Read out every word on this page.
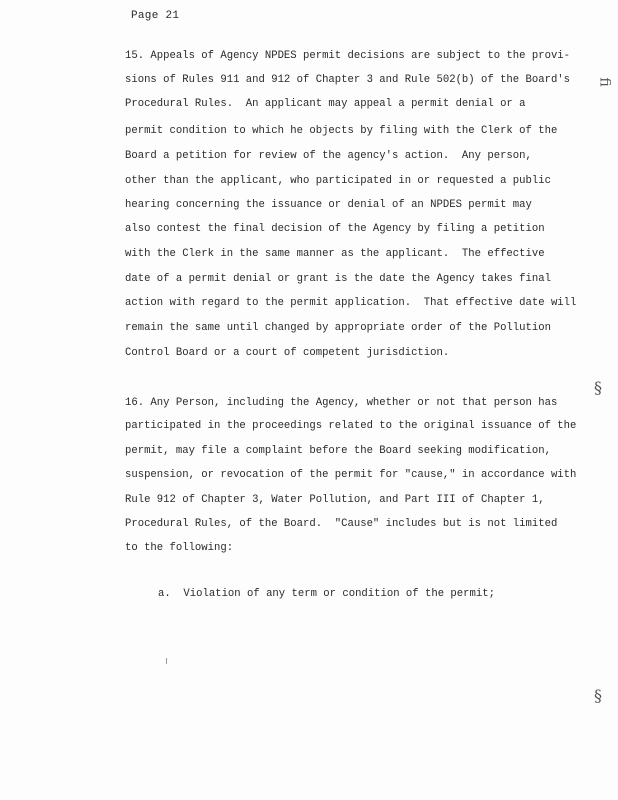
Page 21
15. Appeals of Agency NPDES permit decisions are subject to the provi-
sions of Rules 911 and 912 of Chapter 3 and Rule 502(b) of the Board's
Procedural Rules.  An applicant may appeal a permit denial or a
permit condition to which he objects by filing with the Clerk of the
Board a petition for review of the agency's action.  Any person,
other than the applicant, who participated in or requested a public
hearing concerning the issuance or denial of an NPDES permit may
also contest the final decision of the Agency by filing a petition
with the Clerk in the same manner as the applicant.  The effective
date of a permit denial or grant is the date the Agency takes final
action with regard to the permit application.  That effective date will
remain the same until changed by appropriate order of the Pollution
Control Board or a court of competent jurisdiction.
16. Any Person, including the Agency, whether or not that person has
participated in the proceedings related to the original issuance of the
permit, may file a complaint before the Board seeking modification,
suspension, or revocation of the permit for "cause," in accordance with
Rule 912 of Chapter 3, Water Pollution, and Part III of Chapter 1,
Procedural Rules, of the Board.  "Cause" includes but is not limited
to the following:
a.  Violation of any term or condition of the permit;
ﬁ
§
§
